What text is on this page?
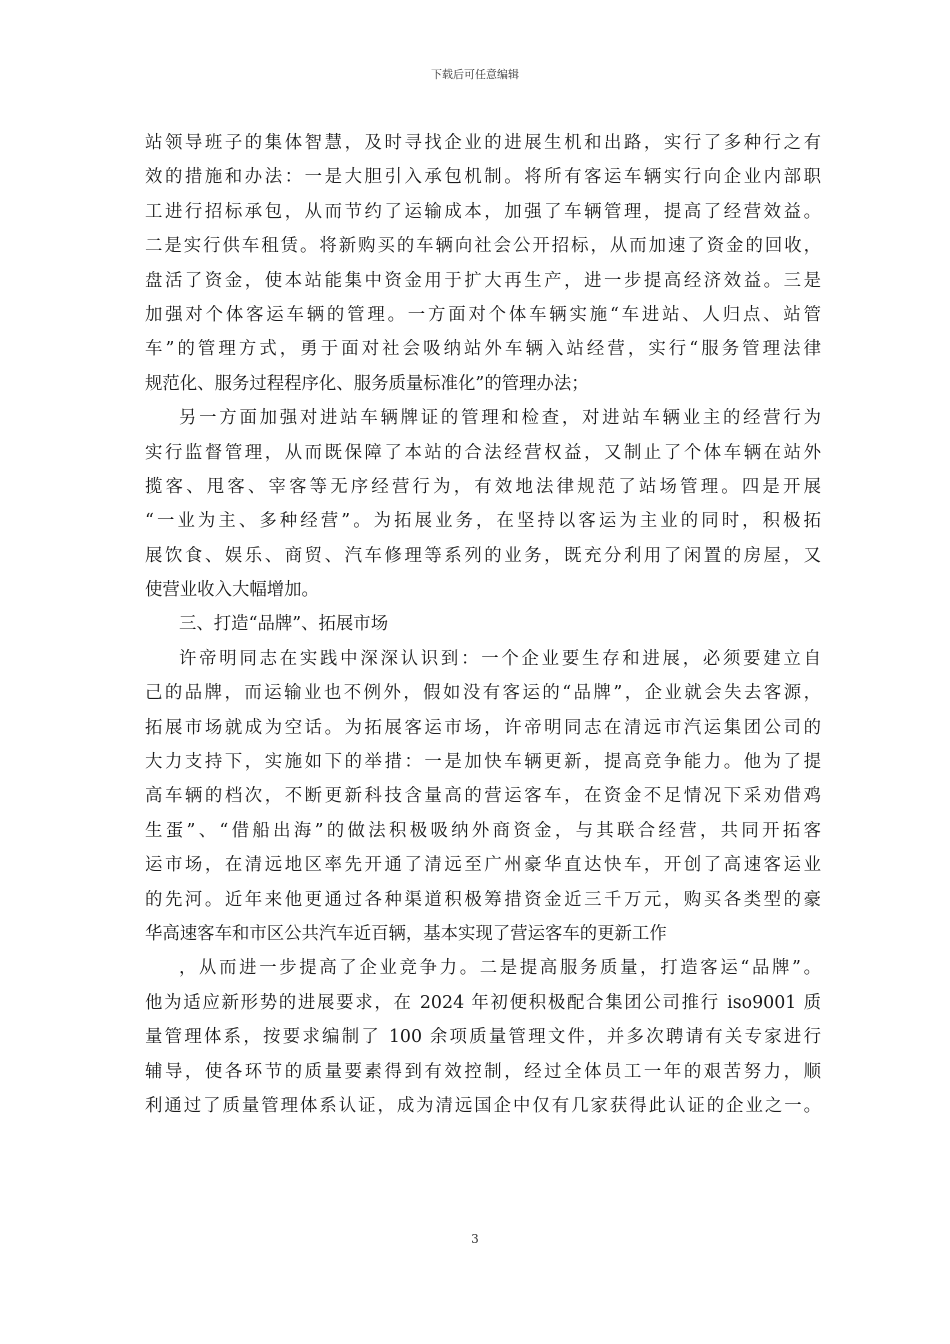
下载后可任意编辑
站领导班子的集体智慧，及时寻找企业的进展生机和出路，实行了多种行之有
效的措施和办法：一是大胆引入承包机制。将所有客运车辆实行向企业内部职
工进行招标承包，从而节约了运输成本，加强了车辆管理，提高了经营效益。
二是实行供车租赁。将新购买的车辆向社会公开招标，从而加速了资金的回收，
盘活了资金，使本站能集中资金用于扩大再生产，进一步提高经济效益。三是
加强对个体客运车辆的管理。一方面对个体车辆实施“车进站、人归点、站管
车”的管理方式，勇于面对社会吸纳站外车辆入站经营，实行“服务管理法律
规范化、服务过程程序化、服务质量标准化”的管理办法；
另一方面加强对进站车辆牌证的管理和检查，对进站车辆业主的经营行为
实行监督管理，从而既保障了本站的合法经营权益，又制止了个体车辆在站外
揽客、甩客、宰客等无序经营行为，有效地法律规范了站场管理。四是开展
“一业为主、多种经营”。为拓展业务，在坚持以客运为主业的同时，积极拓
展饮食、娱乐、商贸、汽车修理等系列的业务，既充分利用了闲置的房屋，又
使营业收入大幅增加。
三、打造“品牌”、拓展市场
许帝明同志在实践中深深认识到：一个企业要生存和进展，必须要建立自
己的品牌，而运输业也不例外，假如没有客运的“品牌”，企业就会失去客源，
拓展市场就成为空话。为拓展客运市场，许帝明同志在清远市汽运集团公司的
大力支持下，实施如下的举措：一是加快车辆更新，提高竞争能力。他为了提
高车辆的档次，不断更新科技含量高的营运客车，在资金不足情况下采劝借鸡
生蛋”、“借船出海”的做法积极吸纳外商资金，与其联合经营，共同开拓客
运市场，在清远地区率先开通了清远至广州豪华直达快车，开创了高速客运业
的先河。近年来他更通过各种渠道积极筹措资金近三千万元，购买各类型的豪
华高速客车和市区公共汽车近百辆，基本实现了营运客车的更新工作
，从而进一步提高了企业竞争力。二是提高服务质量，打造客运“品牌”。
他为适应新形势的进展要求，在 2024 年初便积极配合集团公司推行 iso9001 质
量管理体系，按要求编制了 100 余项质量管理文件，并多次聘请有关专家进行
辅导，使各环节的质量要素得到有效控制，经过全体员工一年的艰苦努力，顺
利通过了质量管理体系认证，成为清远国企中仅有几家获得此认证的企业之一。
3
